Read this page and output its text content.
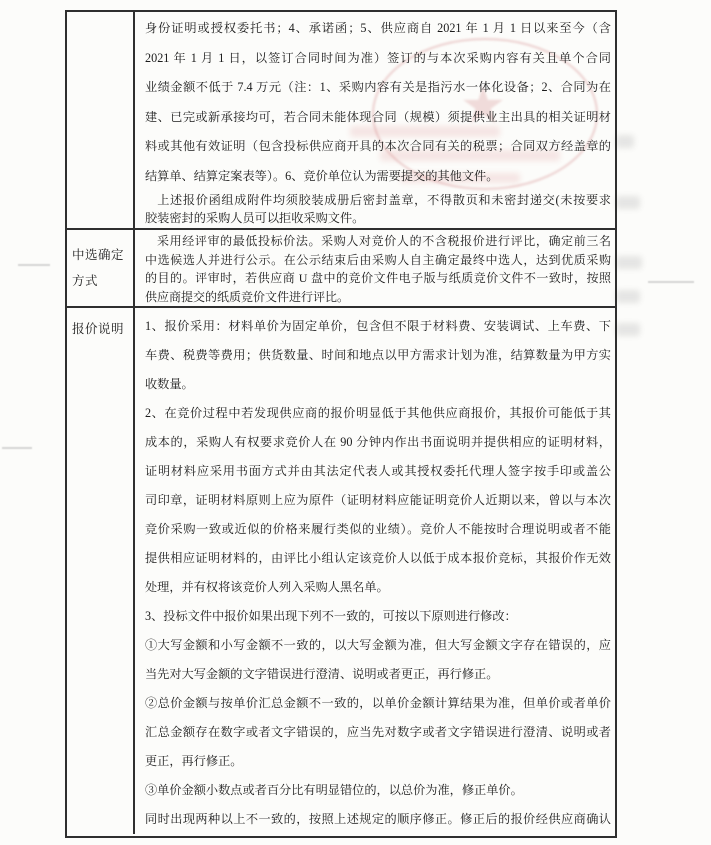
★
身份证明或授权委托书；4、承诺函；5、供应商自 2021 年 1 月 1 日以来至今（含
2021 年 1 月 1 日，以签订合同时间为准）签订的与本次采购内容有关且单个合同
业绩金额不低于 7.4 万元（注：1、采购内容有关是指污水一体化设备；2、合同为在
建、已完或新承接均可，若合同未能体现合同（规模）须提供业主出具的相关证明材
料或其他有效证明（包含投标供应商开具的本次合同有关的税票；合同双方经盖章的
结算单、结算定案表等）。6、竞价单位认为需要提交的其他文件。
上述报价函组成附件均须胶装成册后密封盖章，不得散页和未密封递交(未按要求
胶装密封的采购人员可以拒收采购文件。
中选确定方式
采用经评审的最低投标价法。采购人对竞价人的不含税报价进行评比，确定前三名
中选候选人并进行公示。在公示结束后由采购人自主确定最终中选人，达到优质采购
的目的。评审时，若供应商 U 盘中的竞价文件电子版与纸质竞价文件不一致时，按照
供应商提交的纸质竞价文件进行评比。
报价说明	1、报价采用：材料单价为固定单价，包含但不限于材料费、安装调试、上车费、下
车费、税费等费用；供货数量、时间和地点以甲方需求计划为准，结算数量为甲方实
收数量。
2、在竞价过程中若发现供应商的报价明显低于其他供应商报价，其报价可能低于其
成本的，采购人有权要求竞价人在 90 分钟内作出书面说明并提供相应的证明材料，
证明材料应采用书面方式并由其法定代表人或其授权委托代理人签字按手印或盖公
司印章，证明材料原则上应为原件（证明材料应能证明竞价人近期以来，曾以与本次
竞价采购一致或近似的价格来履行类似的业绩）。竞价人不能按时合理说明或者不能
提供相应证明材料的，由评比小组认定该竞价人以低于成本报价竞标，其报价作无效
处理，并有权将该竞价人列入采购人黑名单。
3、投标文件中报价如果出现下列不一致的，可按以下原则进行修改：
①大写金额和小写金额不一致的，以大写金额为准，但大写金额文字存在错误的，应
当先对大写金额的文字错误进行澄清、说明或者更正，再行修正。
②总价金额与按单价汇总金额不一致的，以单价金额计算结果为准，但单价或者单价
汇总金额存在数字或者文字错误的，应当先对数字或者文字错误进行澄清、说明或者
更正，再行修正。
③单价金额小数点或者百分比有明显错位的，以总价为准，修正单价。
同时出现两种以上不一致的，按照上述规定的顺序修正。修正后的报价经供应商确认
